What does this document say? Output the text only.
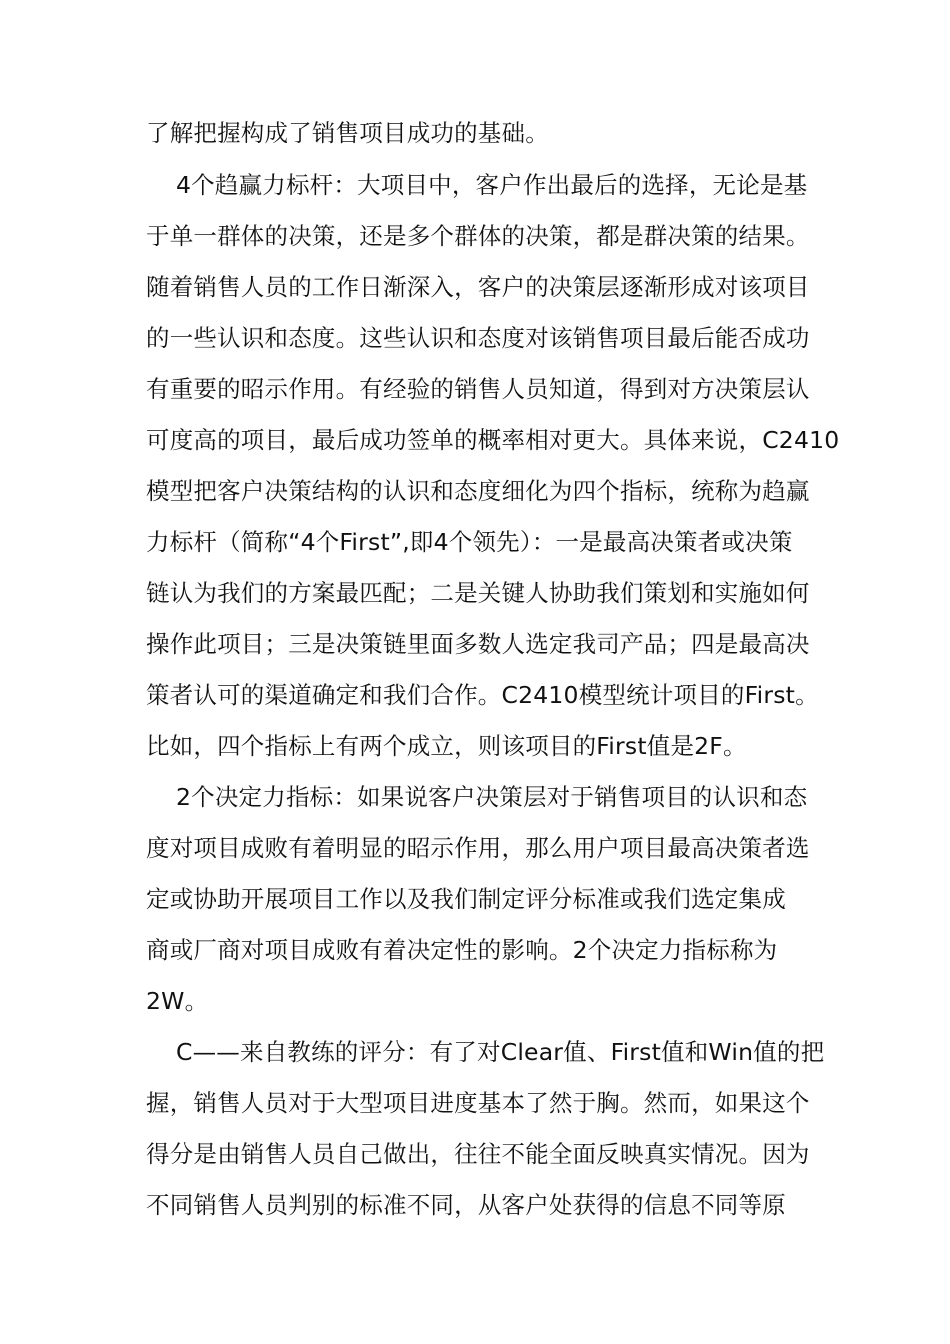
了解把握构成了销售项目成功的基础。
4个趋赢力标杆：大项目中，客户作出最后的选择，无论是基
于单一群体的决策，还是多个群体的决策，都是群决策的结果。
随着销售人员的工作日渐深入，客户的决策层逐渐形成对该项目
的一些认识和态度。这些认识和态度对该销售项目最后能否成功
有重要的昭示作用。有经验的销售人员知道，得到对方决策层认
可度高的项目，最后成功签单的概率相对更大。具体来说，C2410
模型把客户决策结构的认识和态度细化为四个指标，统称为趋赢
力标杆（简称“4个First”,即4个领先）：一是最高决策者或决策
链认为我们的方案最匹配；二是关键人协助我们策划和实施如何
操作此项目；三是决策链里面多数人选定我司产品；四是最高决
策者认可的渠道确定和我们合作。C2410模型统计项目的First。
比如，四个指标上有两个成立，则该项目的First值是2F。
2个决定力指标：如果说客户决策层对于销售项目的认识和态
度对项目成败有着明显的昭示作用，那么用户项目最高决策者选
定或协助开展项目工作以及我们制定评分标准或我们选定集成
商或厂商对项目成败有着决定性的影响。2个决定力指标称为
2W。
C——来自教练的评分：有了对Clear值、First值和Win值的把
握，销售人员对于大型项目进度基本了然于胸。然而，如果这个
得分是由销售人员自己做出，往往不能全面反映真实情况。因为
不同销售人员判别的标准不同，从客户处获得的信息不同等原
